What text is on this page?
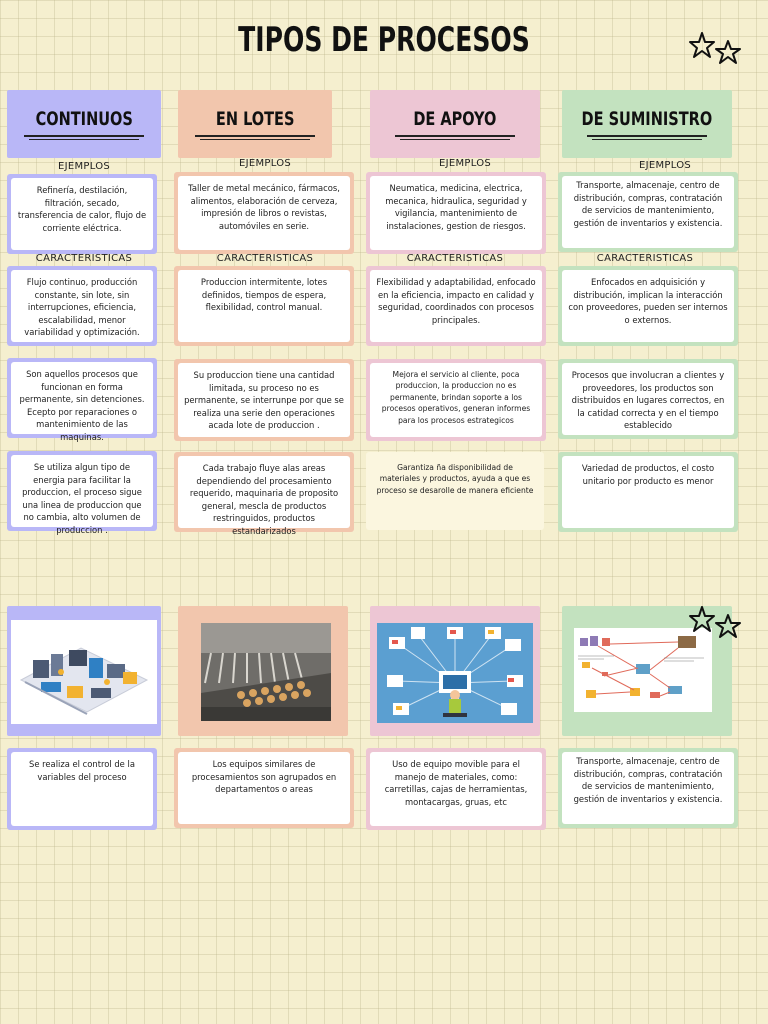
TIPOS DE PROCESOS
CONTINUOS
EJEMPLOS
Refinería, destilación, filtración, secado, transferencia de calor, flujo de corriente eléctrica.
CARACTERISTICAS
Flujo continuo, producción constante, sin lote, sin interrupciones, eficiencia, escalabilidad, menor variabilidad y optimización.
Son aquellos procesos que funcionan en forma permanente, sin detenciones. Ecepto por reparaciones o mantenimiento de las maquinas.
Se utiliza algun tipo de energia para facilitar la produccion, el proceso sigue una linea de produccion que no cambia, alto volumen de produccion .
EN LOTES
EJEMPLOS
Taller de metal mecánico, fármacos, alimentos, elaboración de cerveza, impresión de libros o revistas, automóviles en serie.
CARACTERISTICAS
Produccion intermitente, lotes definidos, tiempos de espera, flexibilidad, control manual.
Su produccion tiene una cantidad limitada, su proceso no es permanente, se interrunpe por que se realiza una serie den operaciones acada lote de produccion .
Cada trabajo fluye alas areas dependiendo del procesamiento requerido, maquinaria de proposito general, mescla de productos restringuidos, productos estandarizados
DE APOYO
EJEMPLOS
Neumatica, medicina, electrica, mecanica, hidraulica, seguridad y vigilancia, mantenimiento de instalaciones, gestion de riesgos.
CARACTERISTICAS
Flexibilidad y adaptabilidad, enfocado en la eficiencia, impacto en calidad y seguridad, coordinados con procesos principales.
Mejora el servicio al cliente, poca produccion, la produccion no es permanente, brindan soporte a los procesos operativos, generan informes para los procesos estrategicos
Garantiza ña disponibilidad de materiales y productos, ayuda a que es proceso se desarolle de manera eficiente
DE SUMINISTRO
EJEMPLOS
Transporte, almacenaje, centro de distribución, compras, contratación de servicios de mantenimiento, gestión de inventarios y existencia.
CARACTERISTICAS
Enfocados en adquisición y distribución, implican la interacción con proveedores, pueden ser internos o externos.
Procesos que involucran a clientes y proveedores, los productos son distribuidos en lugares correctos, en la catidad correcta y en el tiempo establecido
Variedad de productos, el costo unitario por producto es menor
Se realiza el control de la variables del proceso
Los equipos similares de procesamientos son agrupados en departamentos o areas
Uso de equipo movible para el manejo de materiales, como: carretillas, cajas de herramientas, montacargas, gruas, etc
Transporte, almacenaje, centro de distribución, compras, contratación de servicios de mantenimiento, gestión de inventarios y existencia.
